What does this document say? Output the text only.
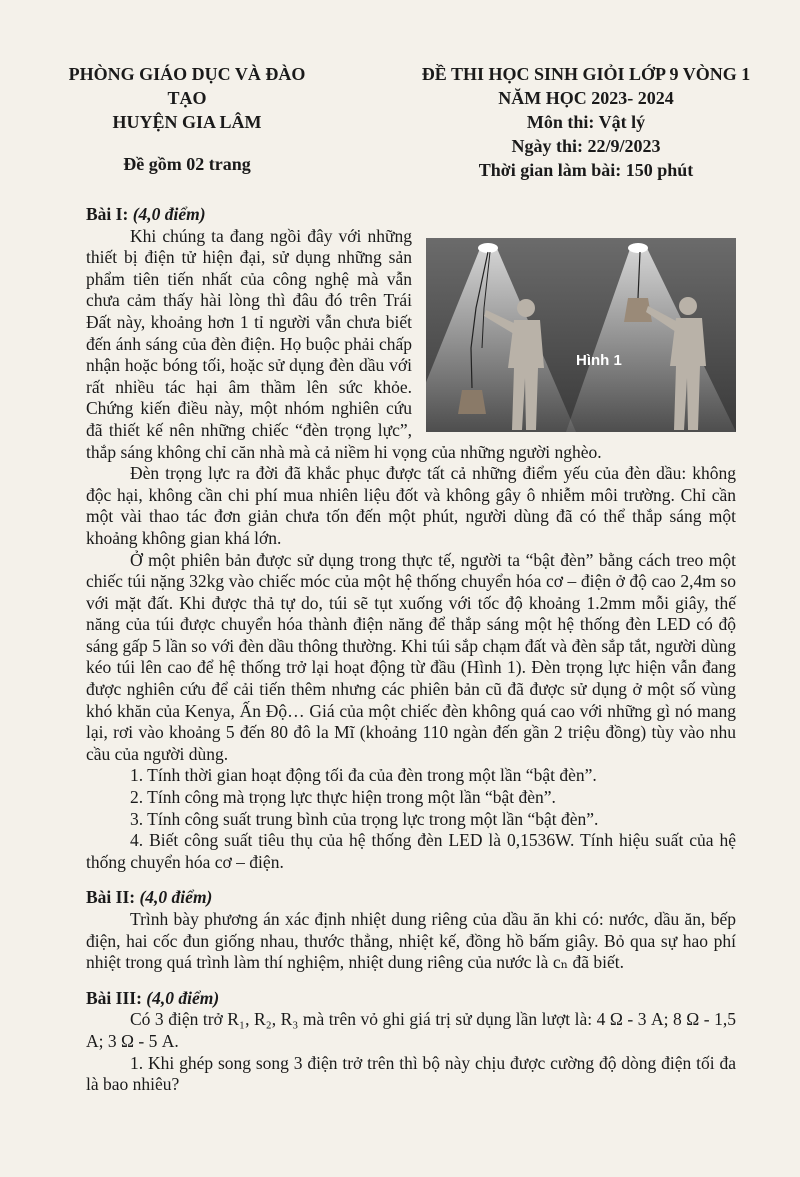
PHÒNG GIÁO DỤC VÀ ĐÀO TẠO
HUYỆN GIA LÂM
Đề gồm 02 trang
ĐỀ THI HỌC SINH GIỎI LỚP 9 VÒNG 1
NĂM HỌC 2023- 2024
Môn thi: Vật lý
Ngày thi: 22/9/2023
Thời gian làm bài: 150 phút
Bài I: (4,0 điểm)
Hình 1
Khi chúng ta đang ngồi đây với những thiết bị điện tử hiện đại, sử dụng những sản phẩm tiên tiến nhất của công nghệ mà vẫn chưa cảm thấy hài lòng thì đâu đó trên Trái Đất này, khoảng hơn 1 tỉ người vẫn chưa biết đến ánh sáng của đèn điện. Họ buộc phải chấp nhận hoặc bóng tối, hoặc sử dụng đèn dầu với rất nhiều tác hại âm thầm lên sức khỏe. Chứng kiến điều này, một nhóm nghiên cứu đã thiết kế nên những chiếc “đèn trọng lực”, thắp sáng không chỉ căn nhà mà cả niềm hi vọng của những người nghèo.
Đèn trọng lực ra đời đã khắc phục được tất cả những điểm yếu của đèn dầu: không độc hại, không cần chi phí mua nhiên liệu đốt và không gây ô nhiễm môi trường. Chỉ cần một vài thao tác đơn giản chưa tốn đến một phút, người dùng đã có thể thắp sáng một khoảng không gian khá lớn.
Ở một phiên bản được sử dụng trong thực tế, người ta “bật đèn” bằng cách treo một chiếc túi nặng 32kg vào chiếc móc của một hệ thống chuyển hóa cơ – điện ở độ cao 2,4m so với mặt đất. Khi được thả tự do, túi sẽ tụt xuống với tốc độ khoảng 1.2mm mỗi giây, thế năng của túi được chuyển hóa thành điện năng để thắp sáng một hệ thống đèn LED có độ sáng gấp 5 lần so với đèn dầu thông thường. Khi túi sắp chạm đất và đèn sắp tắt, người dùng kéo túi lên cao để hệ thống trở lại hoạt động từ đầu (Hình 1). Đèn trọng lực hiện vẫn đang được nghiên cứu để cải tiến thêm nhưng các phiên bản cũ đã được sử dụng ở một số vùng khó khăn của Kenya, Ấn Độ… Giá của một chiếc đèn không quá cao với những gì nó mang lại, rơi vào khoảng 5 đến 80 đô la Mĩ (khoảng 110 ngàn đến gần 2 triệu đồng) tùy vào nhu cầu của người dùng.
1. Tính thời gian hoạt động tối đa của đèn trong một lần “bật đèn”.
2. Tính công mà trọng lực thực hiện trong một lần “bật đèn”.
3. Tính công suất trung bình của trọng lực trong một lần “bật đèn”.
4. Biết công suất tiêu thụ của hệ thống đèn LED là 0,1536W. Tính hiệu suất của hệ thống chuyển hóa cơ – điện.
Bài II: (4,0 điểm)
Trình bày phương án xác định nhiệt dung riêng của dầu ăn khi có: nước, dầu ăn, bếp điện, hai cốc đun giống nhau, thước thẳng, nhiệt kế, đồng hồ bấm giây. Bỏ qua sự hao phí nhiệt trong quá trình làm thí nghiệm, nhiệt dung riêng của nước là cₙ đã biết.
Bài III: (4,0 điểm)
Có 3 điện trở R₁, R₂, R₃ mà trên vỏ ghi giá trị sử dụng lần lượt là: 4 Ω - 3 A; 8 Ω - 1,5 A; 3 Ω - 5 A.
1. Khi ghép song song 3 điện trở trên thì bộ này chịu được cường độ dòng điện tối đa là bao nhiêu?
